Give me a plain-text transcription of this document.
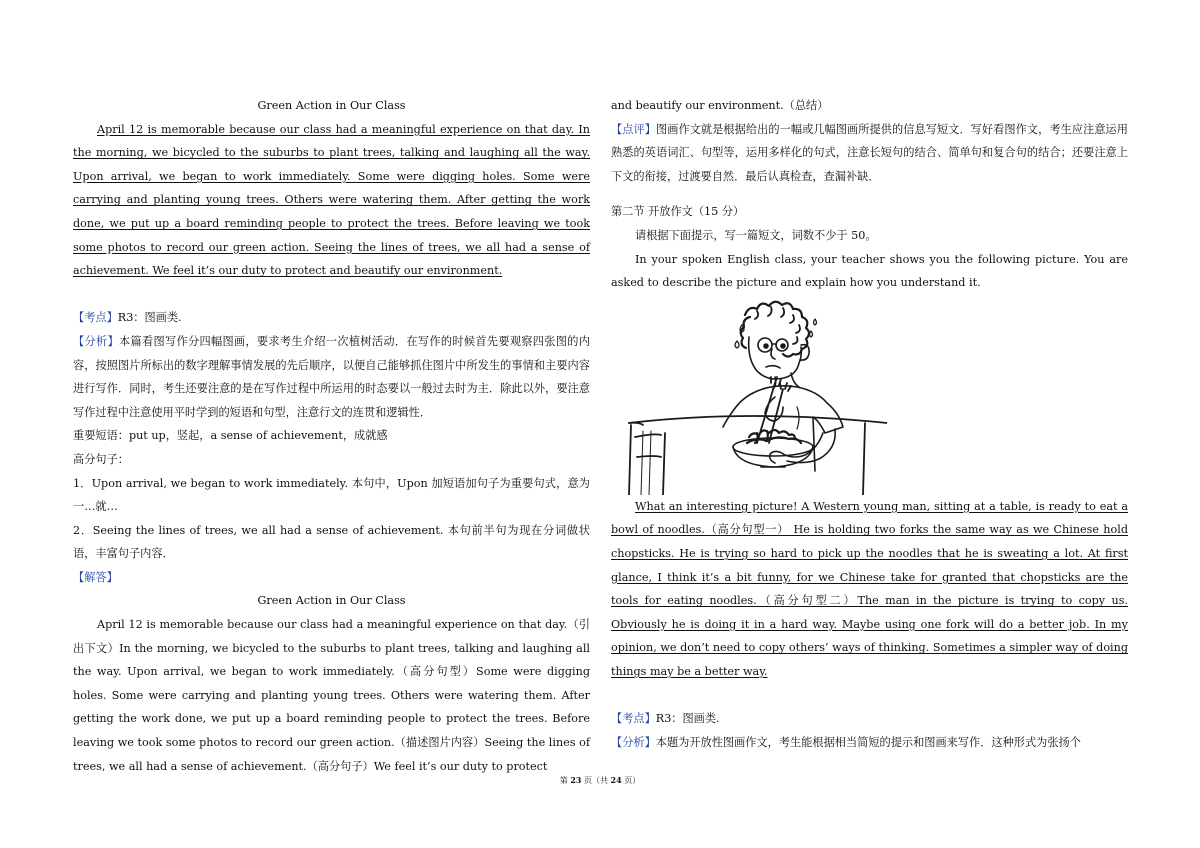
Green Action in Our Class

April 12 is memorable because our class had a meaningful experience on that day. In the morning, we bicycled to the suburbs to plant trees, talking and laughing all the way. Upon arrival, we began to work immediately. Some were digging holes. Some were carrying and planting young trees. Others were watering them. After getting the work done, we put up a board reminding people to protect the trees. Before leaving we took some photos to record our green action. Seeing the lines of trees, we all had a sense of achievement. We feel it’s our duty to protect and beautify our environment.

【考点】R3：图画类.

【分析】本篇看图写作分四幅图画，要求考生介绍一次植树活动．在写作的时候首先要观察四张图的内容，按照图片所标出的数字理解事情发展的先后顺序，以便自己能够抓住图片中所发生的事情和主要内容进行写作．同时，考生还要注意的是在写作过程中所运用的时态要以一般过去时为主．除此以外，要注意写作过程中注意使用平时学到的短语和句型，注意行文的连贯和逻辑性．

重要短语：put up，竖起，a sense of achievement，成就感

高分句子：

1．Upon arrival, we began to work immediately. 本句中，Upon 加短语加句子为重要句式，意为一…就…

2．Seeing the lines of trees, we all had a sense of achievement. 本句前半句为现在分词做状语，丰富句子内容．

【解答】

Green Action in Our Class

April 12 is memorable because our class had a meaningful experience on that day.（引出下文）In the morning, we bicycled to the suburbs to plant trees, talking and laughing all the way. Upon arrival, we began to work immediately.（高分句型）Some were digging holes. Some were carrying and planting young trees. Others were watering them. After getting the work done, we put up a board reminding people to protect the trees. Before leaving we took some photos to record our green action.（描述图片内容）Seeing the lines of trees, we all had a sense of achievement.（高分句子）We feel it’s our duty to protect

and beautify our environment.（总结）

【点评】图画作文就是根据给出的一幅或几幅图画所提供的信息写短文．写好看图作文，考生应注意运用熟悉的英语词汇、句型等，运用多样化的句式，注意长短句的结合、简单句和复合句的结合；还要注意上下文的衔接，过渡要自然．最后认真检查，查漏补缺．

第二节 开放作文（15 分）

请根据下面提示，写一篇短文，词数不少于 50。

In your spoken English class, your teacher shows you the following picture. You are asked to describe the picture and explain how you understand it.

What an interesting picture! A Western young man, sitting at a table, is ready to eat a bowl of noodles.（高分句型一） He is holding two forks the same way as we Chinese hold chopsticks. He is trying so hard to pick up the noodles that he is sweating a lot. At first glance, I think it’s a bit funny, for we Chinese take for granted that chopsticks are the tools for eating noodles.（高分句型二）The man in the picture is trying to copy us. Obviously he is doing it in a hard way. Maybe using one fork will do a better job. In my opinion, we don’t need to copy others’ ways of thinking. Sometimes a simpler way of doing things may be a better way.

【考点】R3：图画类.

【分析】本题为开放性图画作文，考生能根据相当简短的提示和图画来写作．这种形式为张扬个

第 23 页（共 24 页）
